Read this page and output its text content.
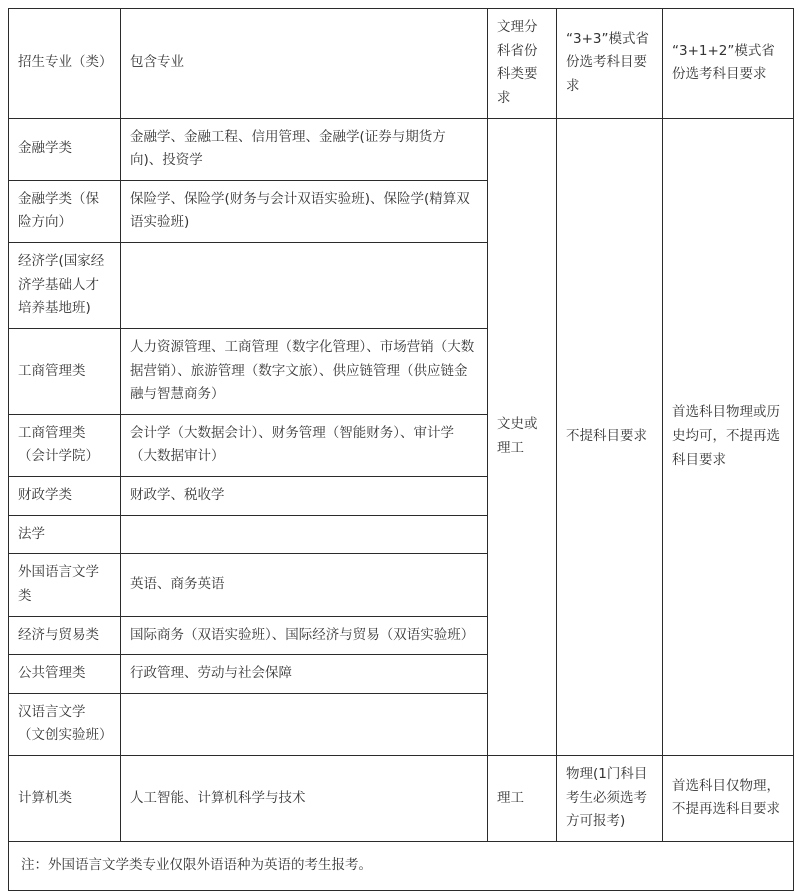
招生专业（类）	包含专业	文理分科省份科类要求	“3+3”模式省份选考科目要求	“3+1+2”模式省份选考科目要求
金融学类	金融学、金融工程、信用管理、金融学(证券与期货方向)、投资学	文史或理工	不提科目要求	首选科目物理或历史均可，不提再选科目要求
金融学类（保险方向）	保险学、保险学(财务与会计双语实验班)、保险学(精算双语实验班)			
经济学(国家经济学基础人才培养基地班)				
工商管理类	人力资源管理、工商管理（数字化管理）、市场营销（大数据营销）、旅游管理（数字文旅）、供应链管理（供应链金融与智慧商务）			
工商管理类（会计学院）	会计学（大数据会计）、财务管理（智能财务）、审计学（大数据审计）			
财政学类	财政学、税收学			
法学				
外国语言文学类	英语、商务英语			
经济与贸易类	国际商务（双语实验班）、国际经济与贸易（双语实验班）			
公共管理类	行政管理、劳动与社会保障			
汉语言文学（文创实验班）				
计算机类	人工智能、计算机科学与技术	理工	物理(1门科目考生必须选考方可报考)	首选科目仅物理，不提再选科目要求
注：外国语言文学类专业仅限外语语种为英语的考生报考。				
